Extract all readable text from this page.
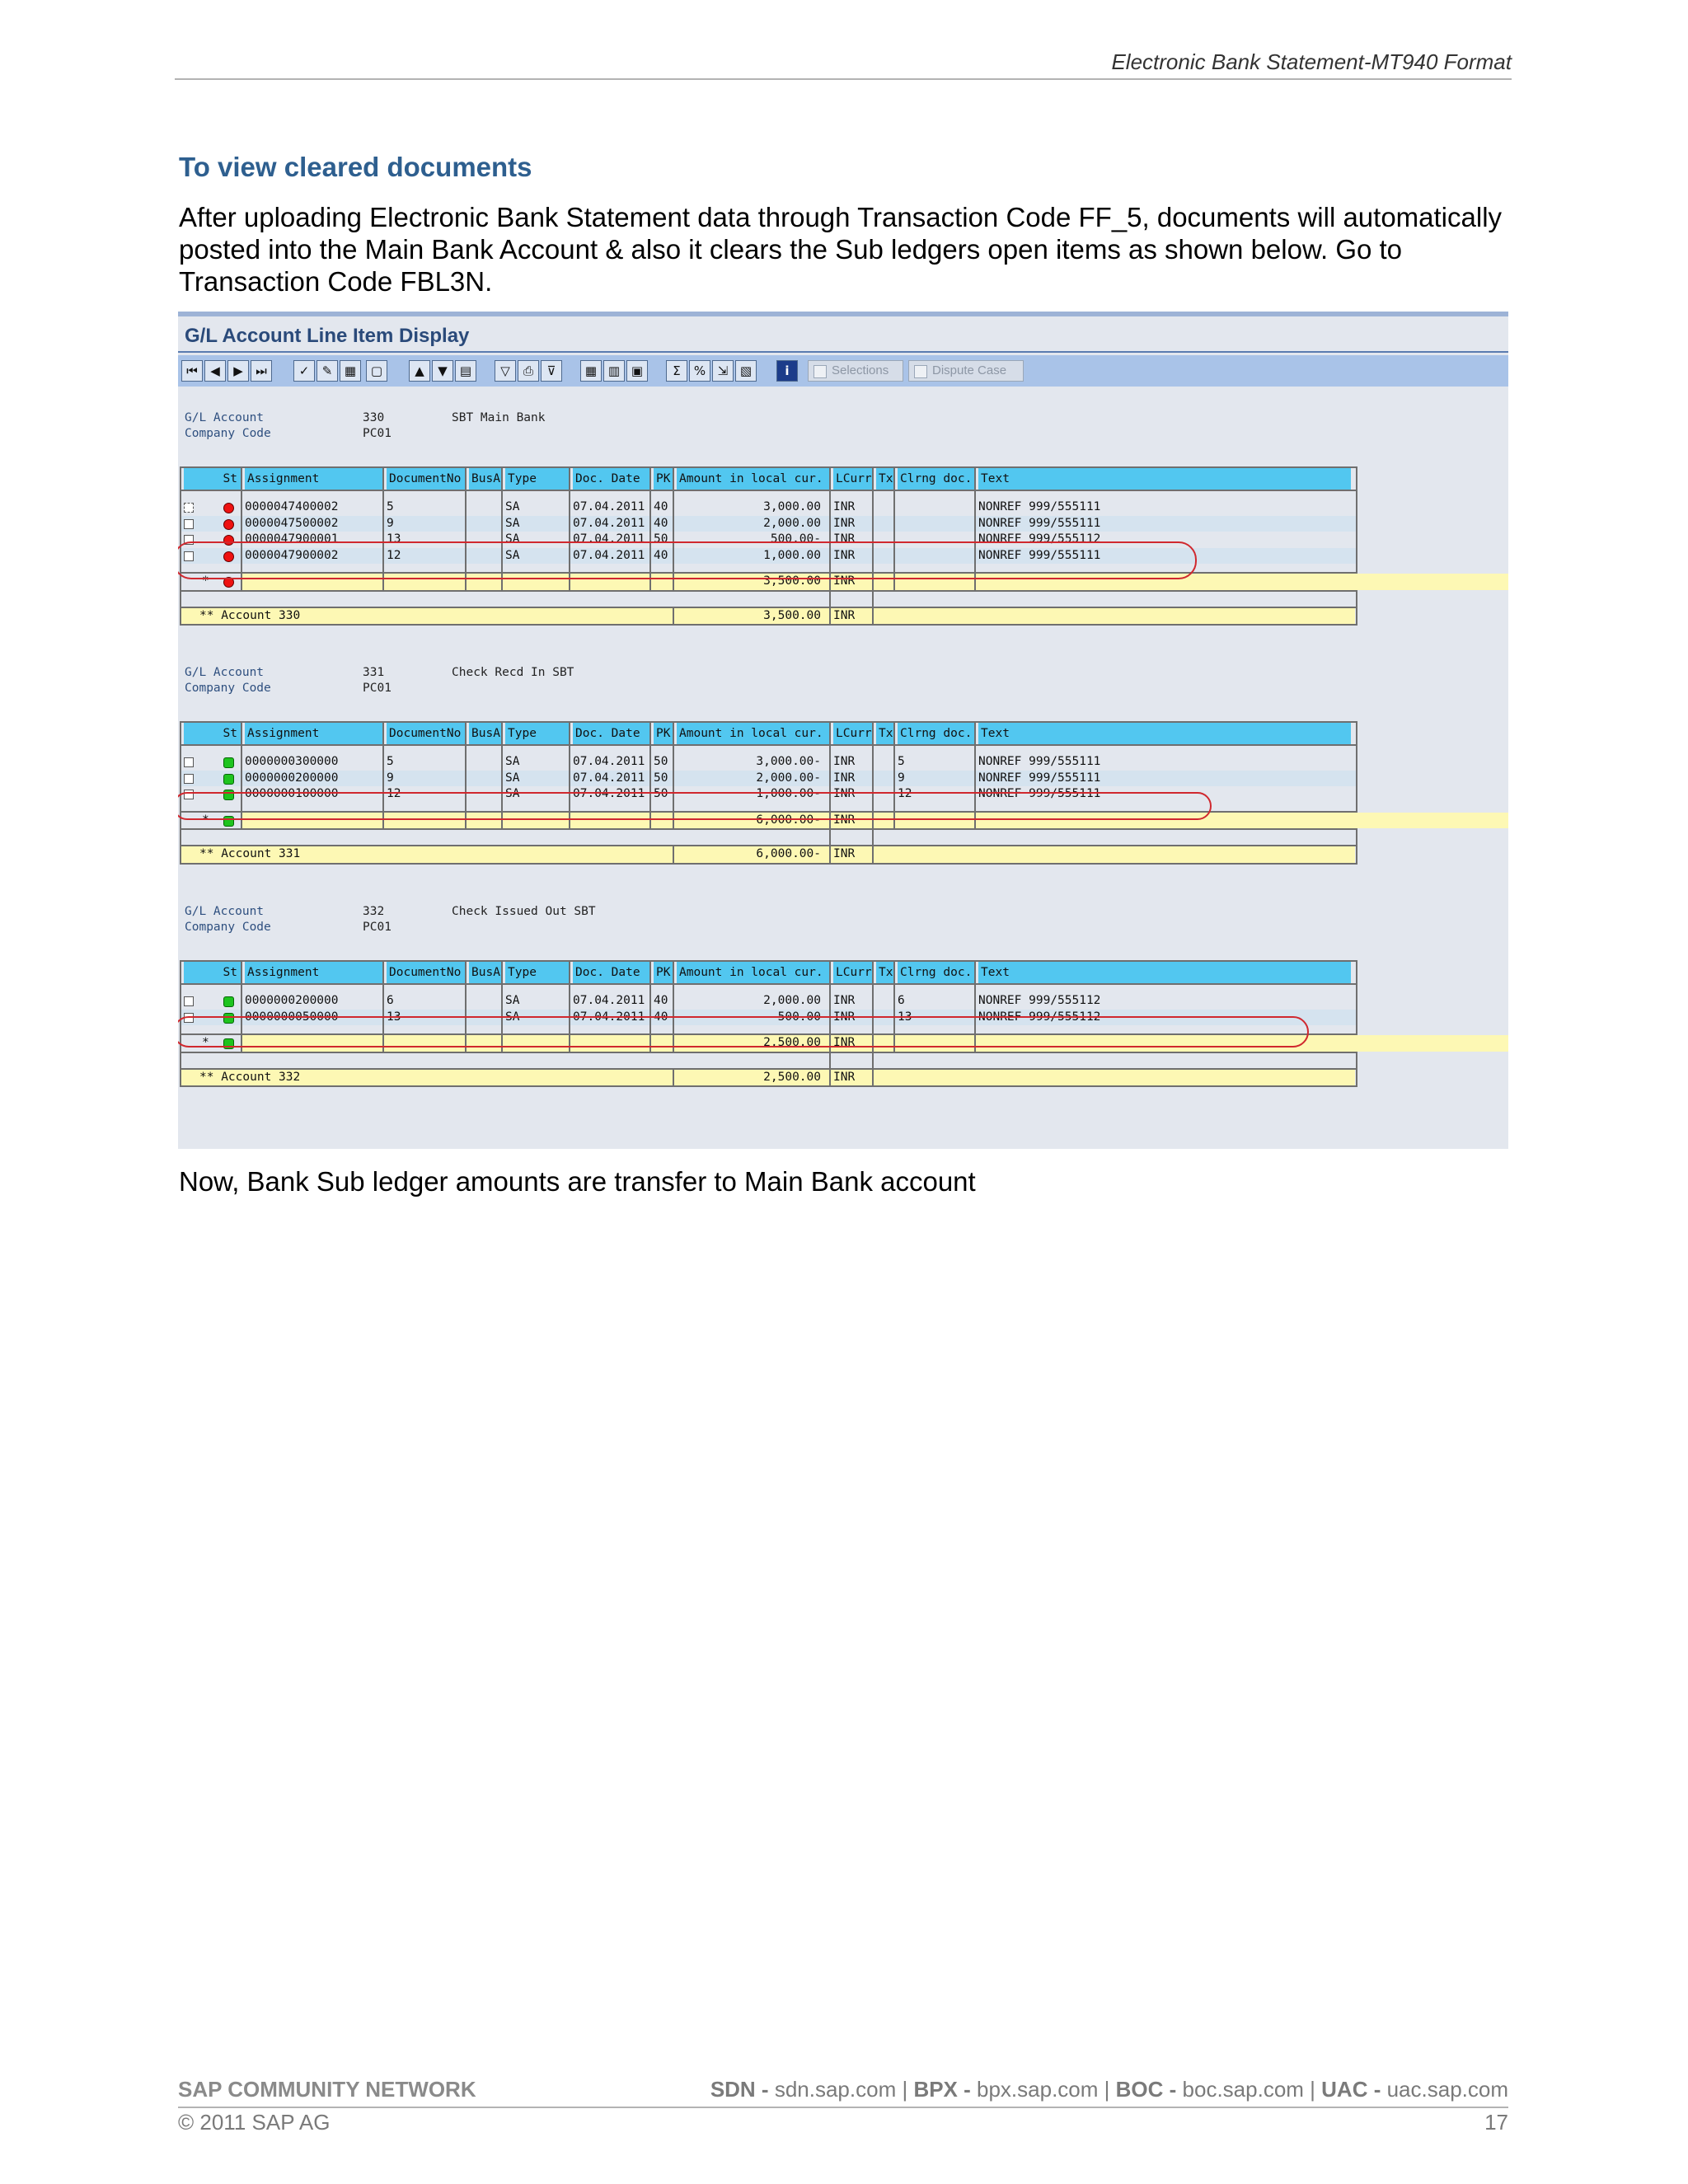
Electronic Bank Statement-MT940 Format
To view cleared documents
After uploading Electronic Bank Statement data through Transaction Code FF_5, documents will automatically posted into the Main Bank Account & also it clears the Sub ledgers open items as shown below. Go to Transaction Code FBL3N.
G/L Account Line Item Display
Selections	Dispute Case
⏮	◀	▶	⏭	✓	✎ ▦	▢	▲	▼	▤	▽	⎙	⊽	▦ ▥ ▣	Σ	% ⇲ ▧	i
G/L Account	330	SBT Main Bank
Company Code	PC01
St Assignment	DocumentNo BusA Type	Doc. Date	PK Amount in local cur.	LCurr Tx Clrng doc. Text
0000047400002	5	SA	07.04.2011 40	3,000.00	INR	NONREF 999/555111
0000047500002	9	SA	07.04.2011 40	2,000.00	INR	NONREF 999/555111
0000047900001	13	SA	07.04.2011 50	500.00-	INR	NONREF 999/555112
0000047900002	12	SA	07.04.2011 40	1,000.00	INR	NONREF 999/555111
*	3,500.00	INR
** Account 330	3,500.00	INR
G/L Account	331	Check Recd In SBT
Company Code	PC01
St Assignment	DocumentNo BusA Type	Doc. Date	PK Amount in local cur.	LCurr Tx Clrng doc. Text
0000000300000	5	SA	07.04.2011 50	3,000.00-	INR	5	NONREF 999/555111
0000000200000	9	SA	07.04.2011 50	2,000.00-	INR	9	NONREF 999/555111
0000000100000	12	SA	07.04.2011 50	1,000.00-	INR	12	NONREF 999/555111
*	6,000.00-	INR
** Account 331	6,000.00-	INR
G/L Account	332	Check Issued Out SBT
Company Code	PC01
St Assignment	DocumentNo BusA Type	Doc. Date	PK Amount in local cur.	LCurr Tx Clrng doc. Text
0000000200000	6	SA	07.04.2011 40	2,000.00	INR	6	NONREF 999/555112
0000000050000	13	SA	07.04.2011 40	500.00	INR	13	NONREF 999/555112
*	2,500.00	INR
** Account 332	2,500.00	INR
Now, Bank Sub ledger amounts are transfer to Main Bank account
SAP COMMUNITY NETWORK	SDN - sdn.sap.com | BPX - bpx.sap.com | BOC - boc.sap.com | UAC - uac.sap.com
© 2011 SAP AG	17
